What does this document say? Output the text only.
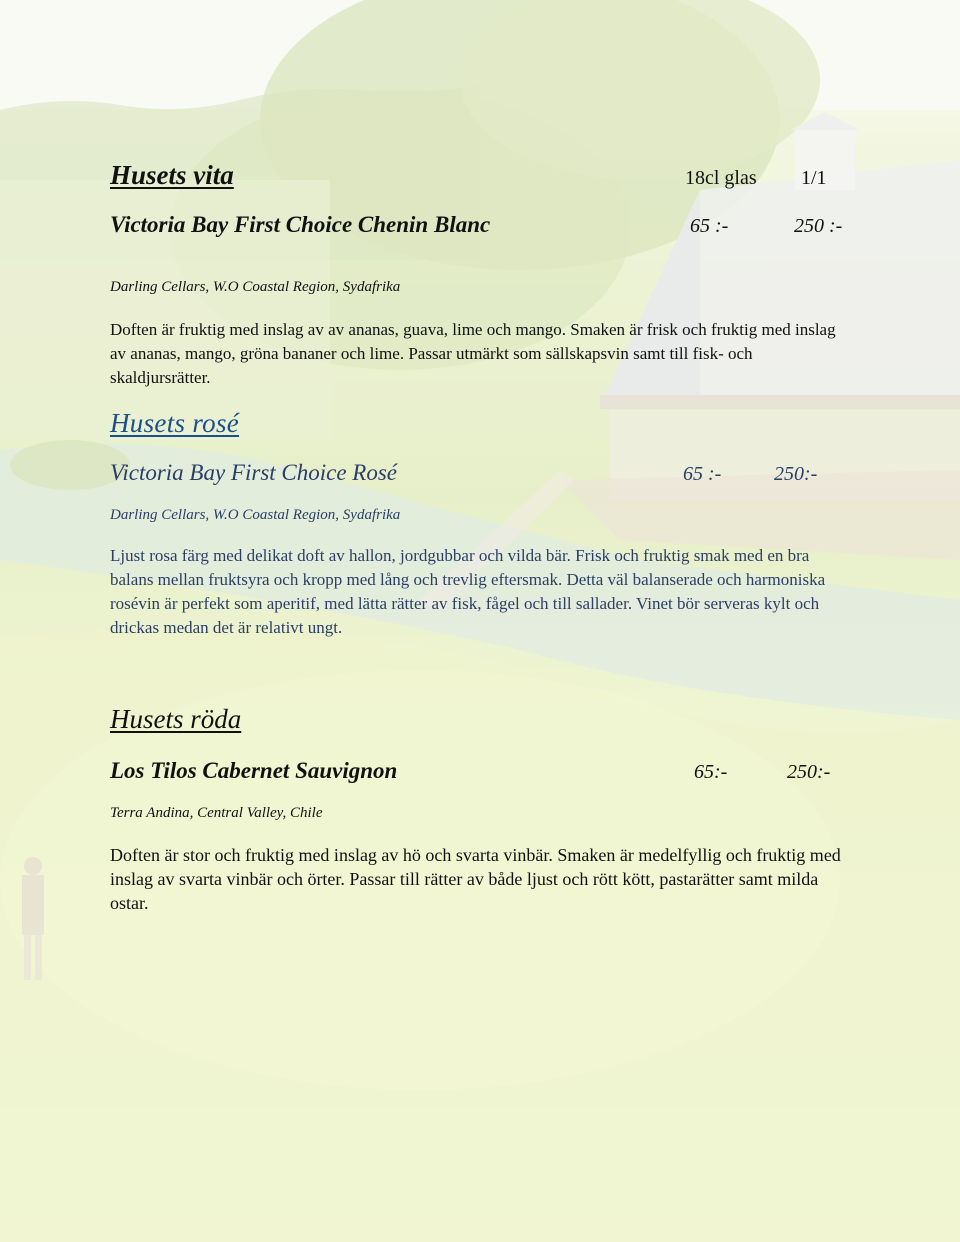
Husets vita	18cl glas 1/1
Victoria Bay First Choice Chenin Blanc	65 :-	250 :-
Darling Cellars, W.O Coastal Region, Sydafrika

Doften är fruktig med inslag av av ananas, guava, lime och mango. Smaken är frisk och fruktig med inslag av ananas, mango, gröna bananer och lime. Passar utmärkt som sällskapsvin samt till fisk- och skaldjursrätter.

Husets rosé
Victoria Bay First Choice Rosé	65 :-	250:-
Darling Cellars, W.O Coastal Region, Sydafrika

Ljust rosa färg med delikat doft av hallon, jordgubbar och vilda bär. Frisk och fruktig smak med en bra balans mellan fruktsyra och kropp med lång och trevlig eftersmak. Detta väl balanserade och harmoniska rosévin är perfekt som aperitif, med lätta rätter av fisk, fågel och till sallader. Vinet bör serveras kylt och drickas medan det är relativt ungt.

Husets röda
Los Tilos Cabernet Sauvignon	65:-	250:-
Terra Andina, Central Valley, Chile

Doften är stor och fruktig med inslag av hö och svarta vinbär. Smaken är medelfyllig och fruktig med inslag av svarta vinbär och örter. Passar till rätter av både ljust och rött kött, pastarätter samt milda ostar.
